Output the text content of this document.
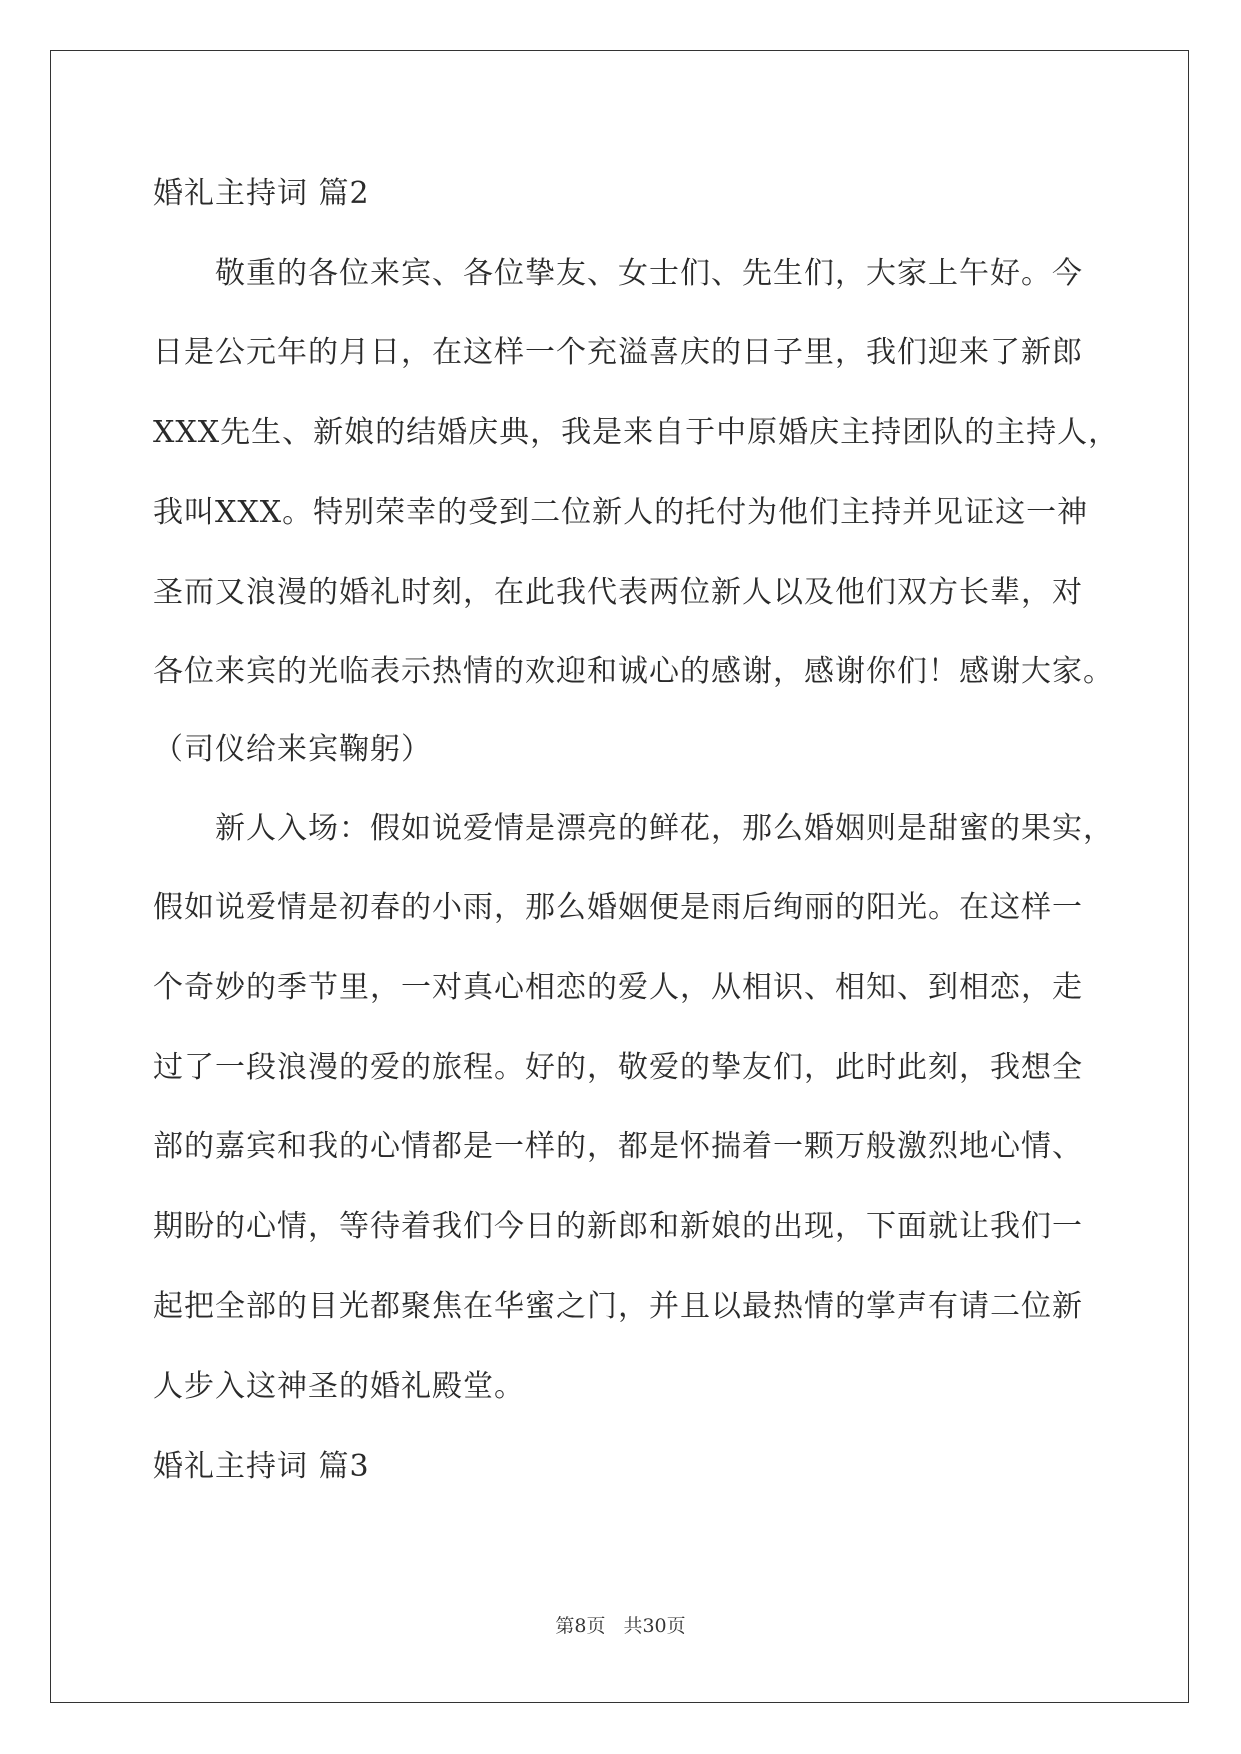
婚礼主持词 篇2
　　敬重的各位来宾、各位挚友、女士们、先生们，大家上午好。今
日是公元年的月日，在这样一个充溢喜庆的日子里，我们迎来了新郎
XXX先生、新娘的结婚庆典，我是来自于中原婚庆主持团队的主持人，
我叫XXX。特别荣幸的受到二位新人的托付为他们主持并见证这一神
圣而又浪漫的婚礼时刻，在此我代表两位新人以及他们双方长辈，对
各位来宾的光临表示热情的欢迎和诚心的感谢，感谢你们！感谢大家。
（司仪给来宾鞠躬）
　　新人入场：假如说爱情是漂亮的鲜花，那么婚姻则是甜蜜的果实，
假如说爱情是初春的小雨，那么婚姻便是雨后绚丽的阳光。在这样一
个奇妙的季节里，一对真心相恋的爱人，从相识、相知、到相恋，走
过了一段浪漫的爱的旅程。好的，敬爱的挚友们，此时此刻，我想全
部的嘉宾和我的心情都是一样的，都是怀揣着一颗万般激烈地心情、
期盼的心情，等待着我们今日的新郎和新娘的出现，下面就让我们一
起把全部的目光都聚焦在华蜜之门，并且以最热情的掌声有请二位新
人步入这神圣的婚礼殿堂。
婚礼主持词 篇3
第8页 共30页
